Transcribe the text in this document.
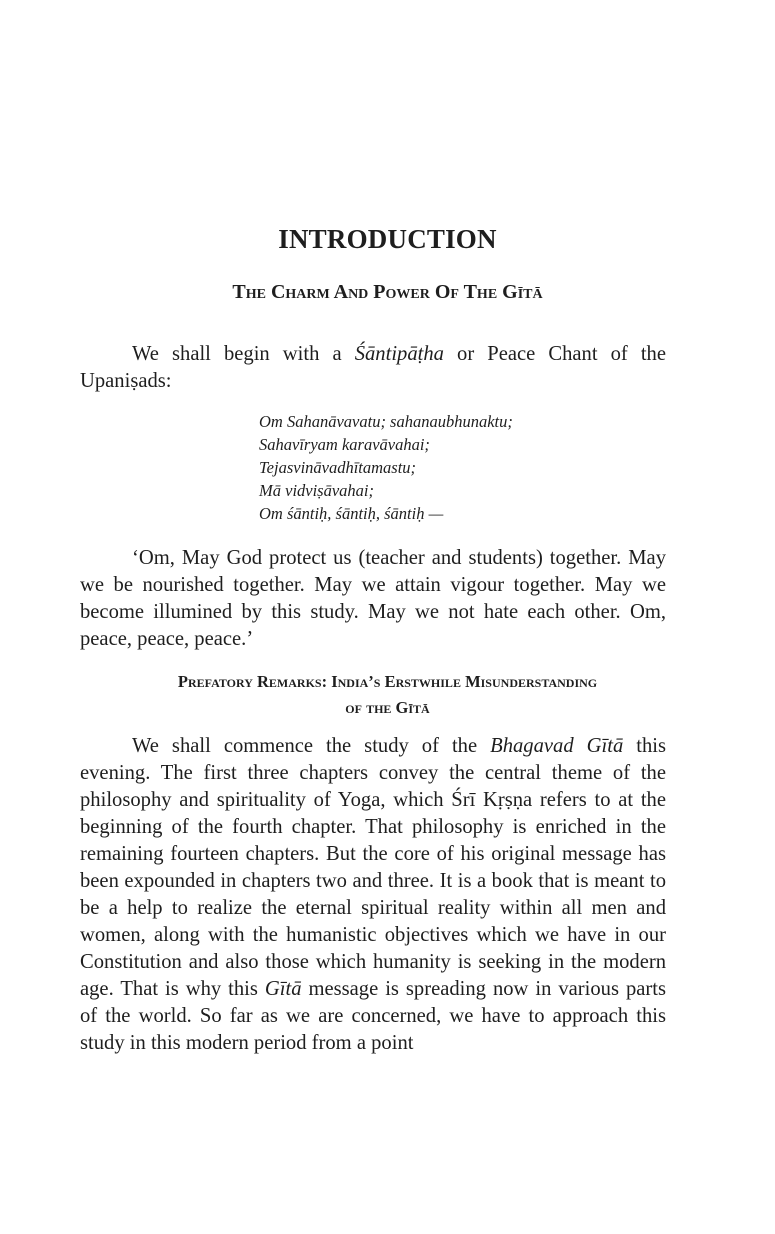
INTRODUCTION
The Charm And Power Of The Gītā

We shall begin with a Śāntipāṭha or Peace Chant of the Upaniṣads:

Om Sahanāvavatu; sahanaubhunaktu;
Sahavīryam karavāvahai;
Tejasvināvadhītamastu;
Mā vidviṣāvahai;
Om śāntiḥ, śāntiḥ, śāntiḥ —

‘Om, May God protect us (teacher and students) together. May we be nourished together. May we attain vigour together. May we become illumined by this study. May we not hate each other. Om, peace, peace, peace.’

Prefatory Remarks: India’s Erstwhile Misunderstanding
of the Gītā

We shall commence the study of the Bhagavad Gītā this evening. The first three chapters convey the central theme of the philosophy and spirituality of Yoga, which Śrī Kṛṣṇa refers to at the beginning of the fourth chapter. That philosophy is enriched in the remaining fourteen chapters. But the core of his original message has been expounded in chapters two and three. It is a book that is meant to be a help to realize the eternal spiritual reality within all men and women, along with the humanistic objectives which we have in our Constitution and also those which humanity is seeking in the modern age. That is why this Gītā message is spreading now in various parts of the world. So far as we are concerned, we have to approach this study in this modern period from a point
